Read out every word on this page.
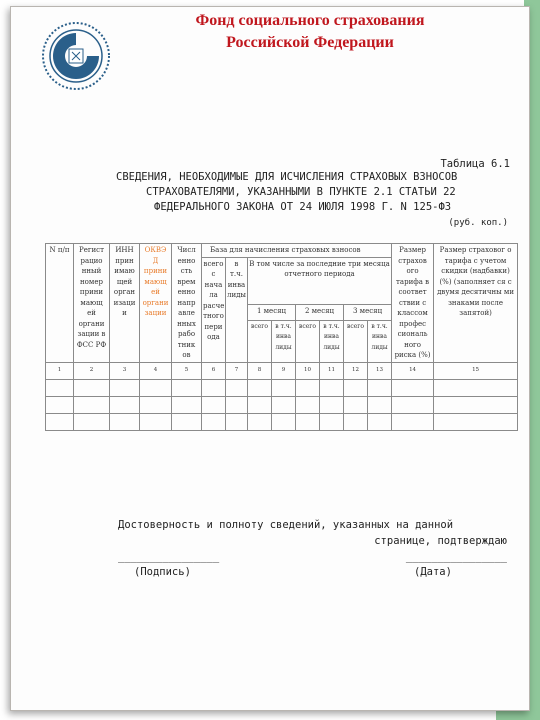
Фонд социального страхования
Российской Федерации
Таблица 6.1
СВЕДЕНИЯ, НЕОБХОДИМЫЕ ДЛЯ ИСЧИСЛЕНИЯ СТРАХОВЫХ ВЗНОСОВ
СТРАХОВАТЕЛЯМИ, УКАЗАННЫМИ В ПУНКТЕ 2.1 СТАТЬИ 22
ФЕДЕРАЛЬНОГО ЗАКОНА ОТ 24 ИЮЛЯ 1998 Г. N 125-ФЗ
(руб. коп.)
N п/п	Регист рацио нный номер прини мающ ей органи зации в ФСС РФ	ИНН прин имаю щей орган изаци и	ОКВЭ Д прини мающ ей органи зации	Числ енно сть врем енно напр авле нных рабо тник ов	База для начисления страховых взносов								Размер страхов ого тарифа в соответ ствии с классом профес сиональ ного риска (%)	Размер страховог о тарифа с учетом скидки (надбавки) (%) (заполняет ся с двумя десятичны ми знаками после запятой)
					всего с нача ла расче тного пери ода	в т.ч. инва лиды	В том числе за последние три месяца отчетного периода							
							1 месяц		2 месяц		3 месяц			
							всего	в т.ч. инва лиды	всего	в т.ч. инва лиды	всего	в т.ч. инва лиды		
1	2	3	4	5	6	7	8	9	10	11	12	13	14	15

Достоверность и полноту сведений, указанных на данной
странице, подтверждаю
________________	________________
(Подпись)	(Дата)
